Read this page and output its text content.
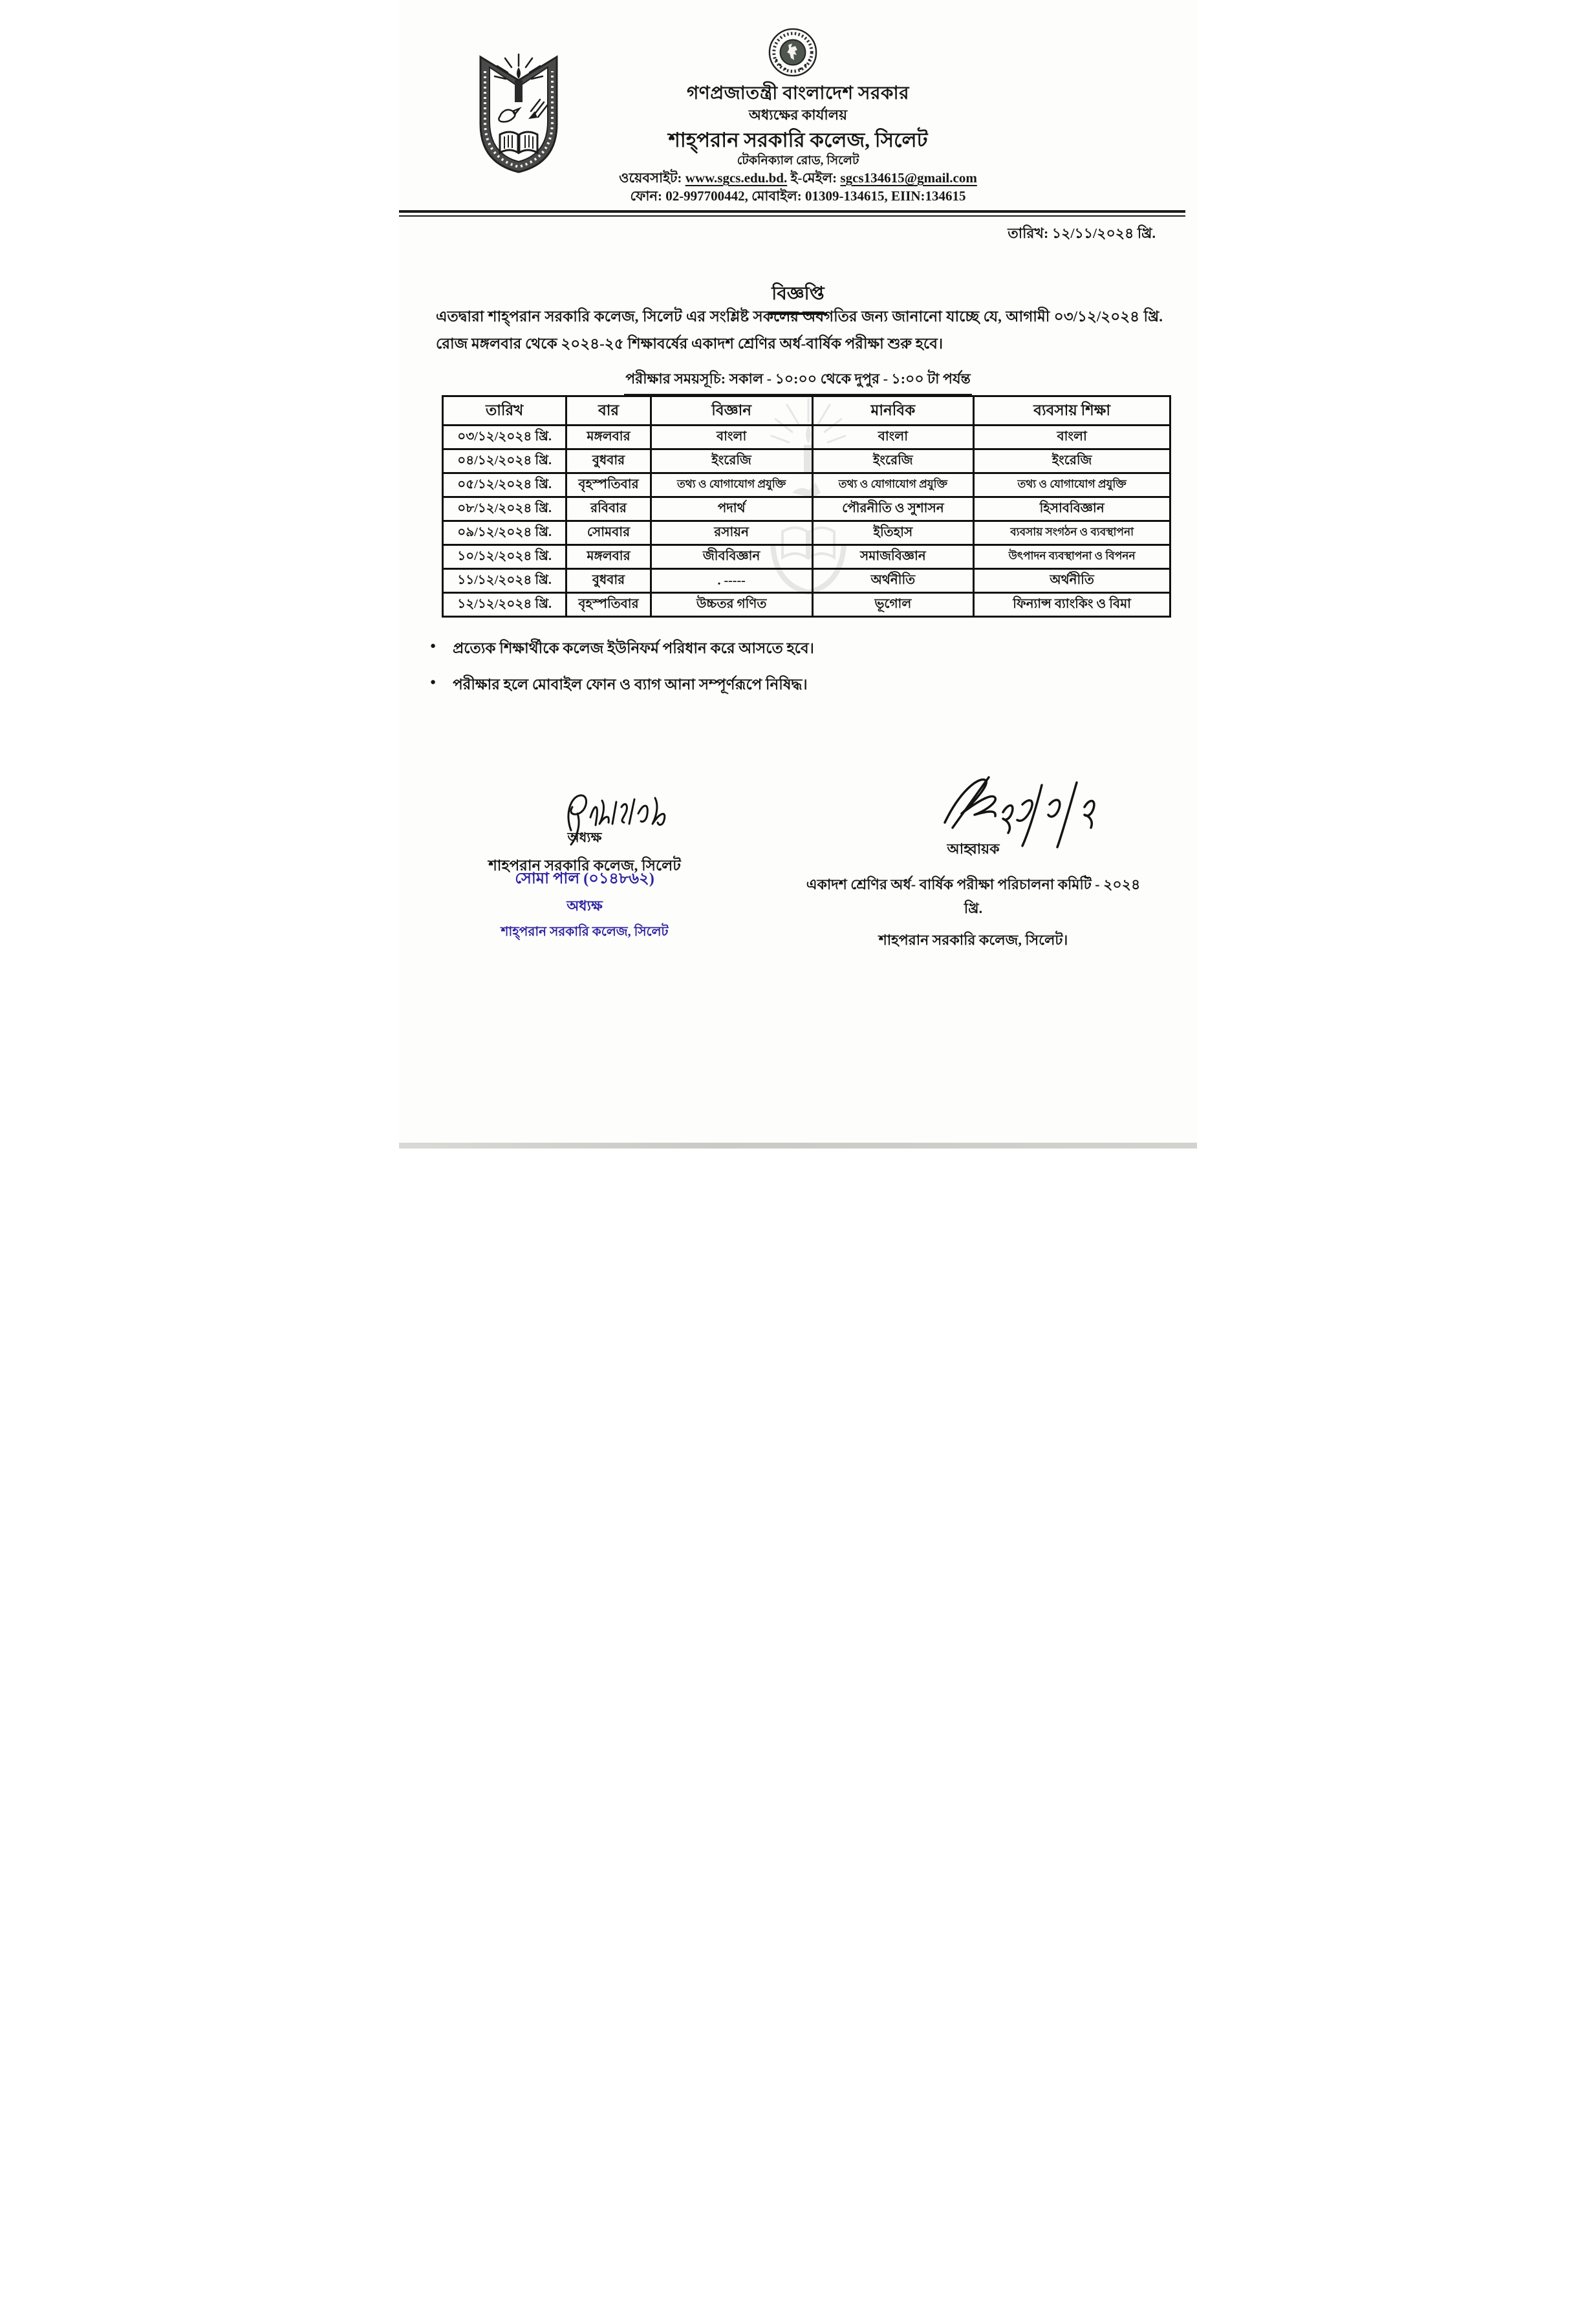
গণপ্রজাতন্ত্রী বাংলাদেশ সরকার
অধ্যক্ষের কার্যালয়
শাহ্‌পরান সরকারি কলেজ, সিলেট
টেকনিক্যাল রোড, সিলেট
ওয়েবসাইট: www.sgcs.edu.bd. ই-মেইল: sgcs134615@gmail.com
ফোন: 02-997700442, মোবাইল: 01309-134615, EIIN:134615
তারিখ: ১২/১১/২০২৪ খ্রি.
বিজ্ঞপ্তি
এতদ্বারা শাহ্‌পরান সরকারি কলেজ, সিলেট এর সংশ্লিষ্ট সকলের অবগতির জন্য জানানো যাচ্ছে যে, আগামী ০৩/১২/২০২৪ খ্রি.
রোজ মঙ্গলবার থেকে ২০২৪-২৫ শিক্ষাবর্ষের একাদশ শ্রেণির অর্ধ-বার্ষিক পরীক্ষা শুরু হবে।
পরীক্ষার সময়সূচি: সকাল - ১০:০০ থেকে দুপুর - ১:০০ টা পর্যন্ত
তারিখ	বার	বিজ্ঞান	মানবিক	ব্যবসায় শিক্ষা
০৩/১২/২০২৪ খ্রি.	মঙ্গলবার	বাংলা	বাংলা	বাংলা
০৪/১২/২০২৪ খ্রি.	বুধবার	ইংরেজি	ইংরেজি	ইংরেজি
০৫/১২/২০২৪ খ্রি.	বৃহস্পতিবার	তথ্য ও যোগাযোগ প্রযুক্তি	তথ্য ও যোগাযোগ প্রযুক্তি	তথ্য ও যোগাযোগ প্রযুক্তি
০৮/১২/২০২৪ খ্রি.	রবিবার	পদার্থ	পৌরনীতি ও সুশাসন	হিসাববিজ্ঞান
০৯/১২/২০২৪ খ্রি.	সোমবার	রসায়ন	ইতিহাস	ব্যবসায় সংগঠন ও ব্যবস্থাপনা
১০/১২/২০২৪ খ্রি.	মঙ্গলবার	জীববিজ্ঞান	সমাজবিজ্ঞান	উৎপাদন ব্যবস্থাপনা ও বিপনন
১১/১২/২০২৪ খ্রি.	বুধবার	. -----	অর্থনীতি	অর্থনীতি
১২/১২/২০২৪ খ্রি.	বৃহস্পতিবার	উচ্চতর গণিত	ভূগোল	ফিন্যান্স ব্যাংকিং ও বিমা
● প্রত্যেক শিক্ষার্থীকে কলেজ ইউনিফর্ম পরিধান করে আসতে হবে।
● পরীক্ষার হলে মোবাইল ফোন ও ব্যাগ আনা সম্পূর্ণরূপে নিষিদ্ধ।
অধ্যক্ষ
শাহপরান সরকারি কলেজ, সিলেট
সোমা পাল (০১৪৮৬২)
অধ্যক্ষ
শাহ্‌পরান সরকারি কলেজ, সিলেট
আহ্বায়ক
একাদশ শ্রেণির অর্ধ- বার্ষিক পরীক্ষা পরিচালনা কমিটি - ২০২৪ খ্রি.
শাহপরান সরকারি কলেজ, সিলেট।
